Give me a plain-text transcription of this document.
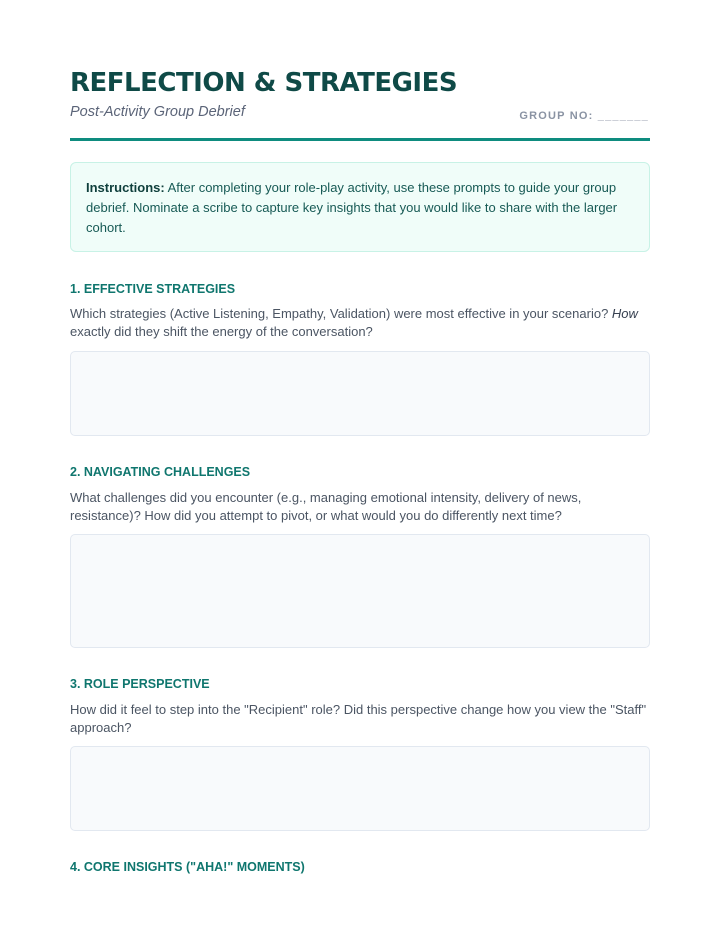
REFLECTION & STRATEGIES
Post-Activity Group Debrief	GROUP NO: _______
Instructions: After completing your role-play activity, use these prompts to guide your group debrief. Nominate a scribe to capture key insights that you would like to share with the larger cohort.
1. EFFECTIVE STRATEGIES
Which strategies (Active Listening, Empathy, Validation) were most effective in your scenario? How exactly did they shift the energy of the conversation?
2. NAVIGATING CHALLENGES
What challenges did you encounter (e.g., managing emotional intensity, delivery of news, resistance)? How did you attempt to pivot, or what would you do differently next time?
3. ROLE PERSPECTIVE
How did it feel to step into the "Recipient" role? Did this perspective change how you view the "Staff" approach?
4. CORE INSIGHTS ("AHA!" MOMENTS)
